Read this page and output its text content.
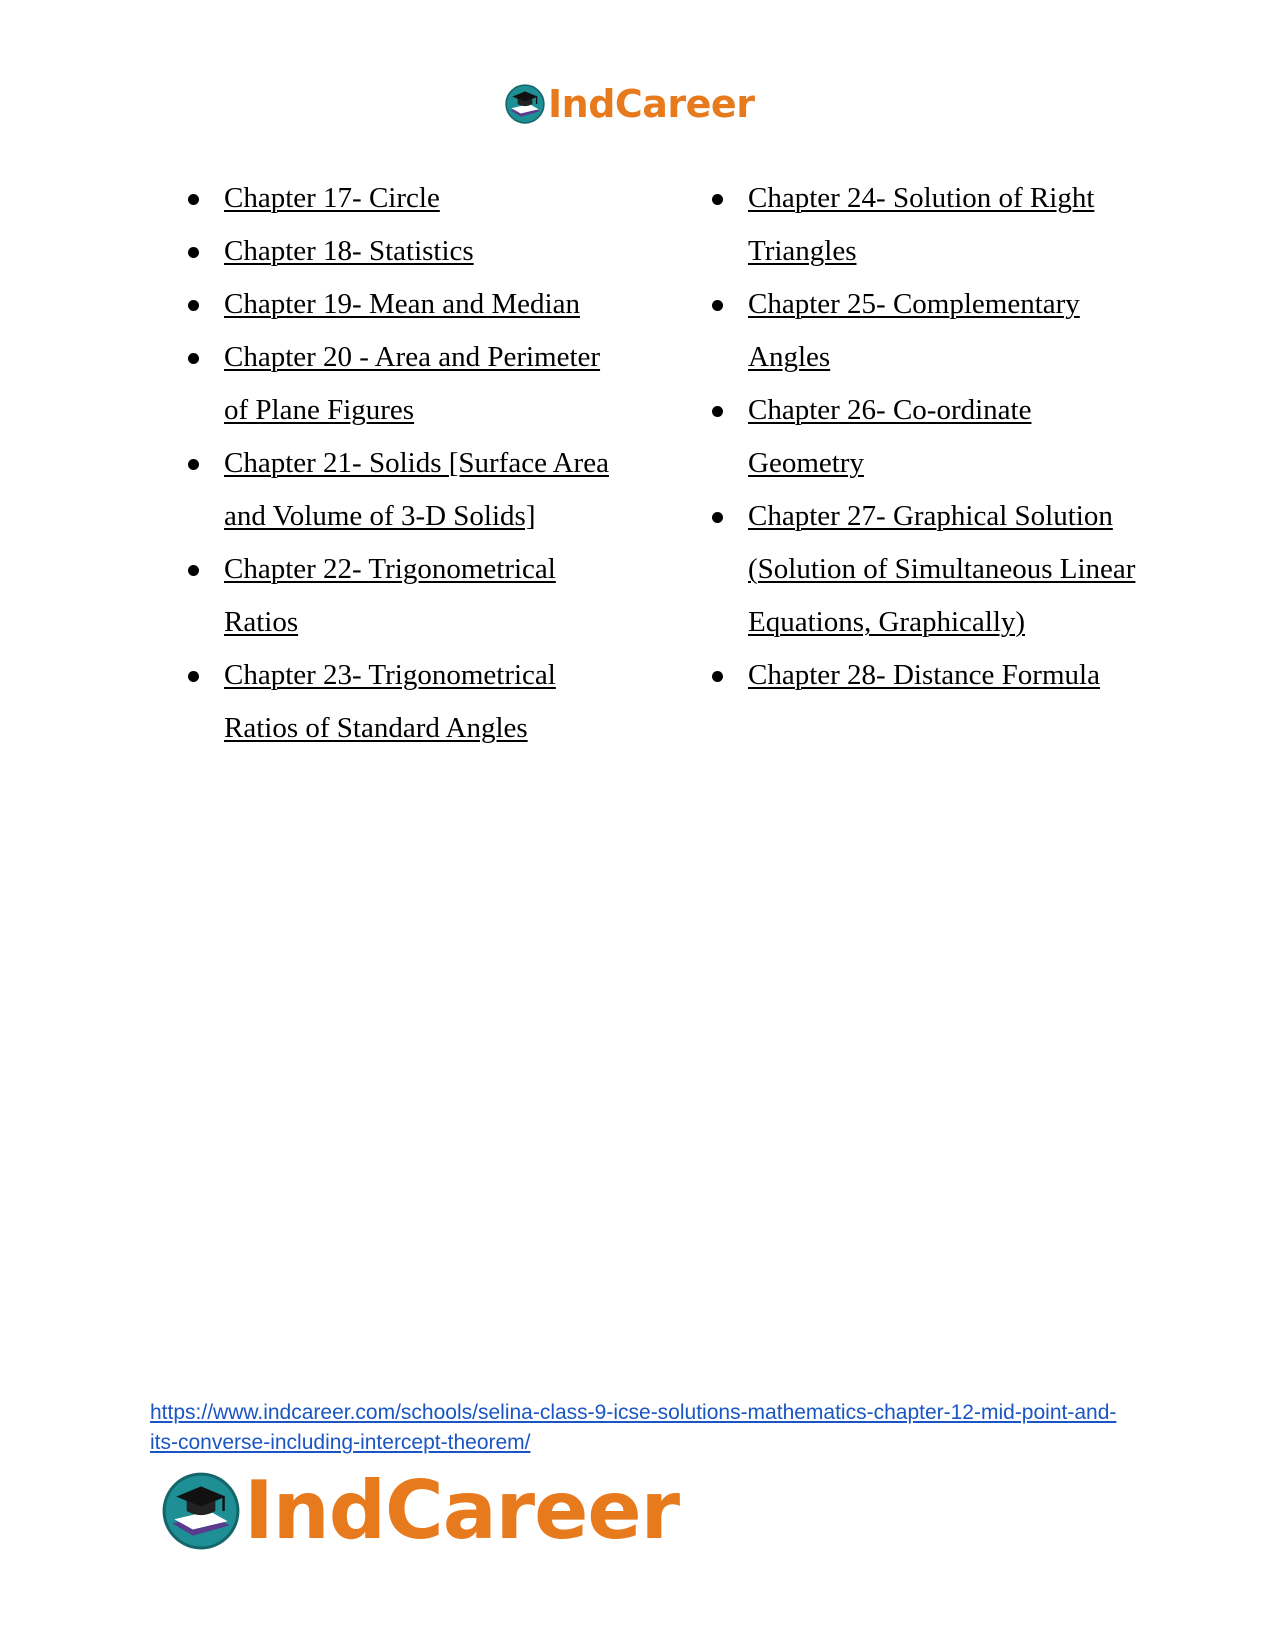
IndCareer
Chapter 17- Circle
Chapter 18- Statistics
Chapter 19- Mean and Median
Chapter 20 - Area and Perimeter of Plane Figures
Chapter 21- Solids [Surface Area and Volume of 3-D Solids]
Chapter 22- Trigonometrical Ratios
Chapter 23- Trigonometrical Ratios of Standard Angles
Chapter 24- Solution of Right Triangles
Chapter 25- Complementary Angles
Chapter 26- Co-ordinate Geometry
Chapter 27- Graphical Solution (Solution of Simultaneous Linear Equations, Graphically)
Chapter 28- Distance Formula
https://www.indcareer.com/schools/selina-class-9-icse-solutions-mathematics-chapter-12-mid-point-and-its-converse-including-intercept-theorem/
IndCareer
